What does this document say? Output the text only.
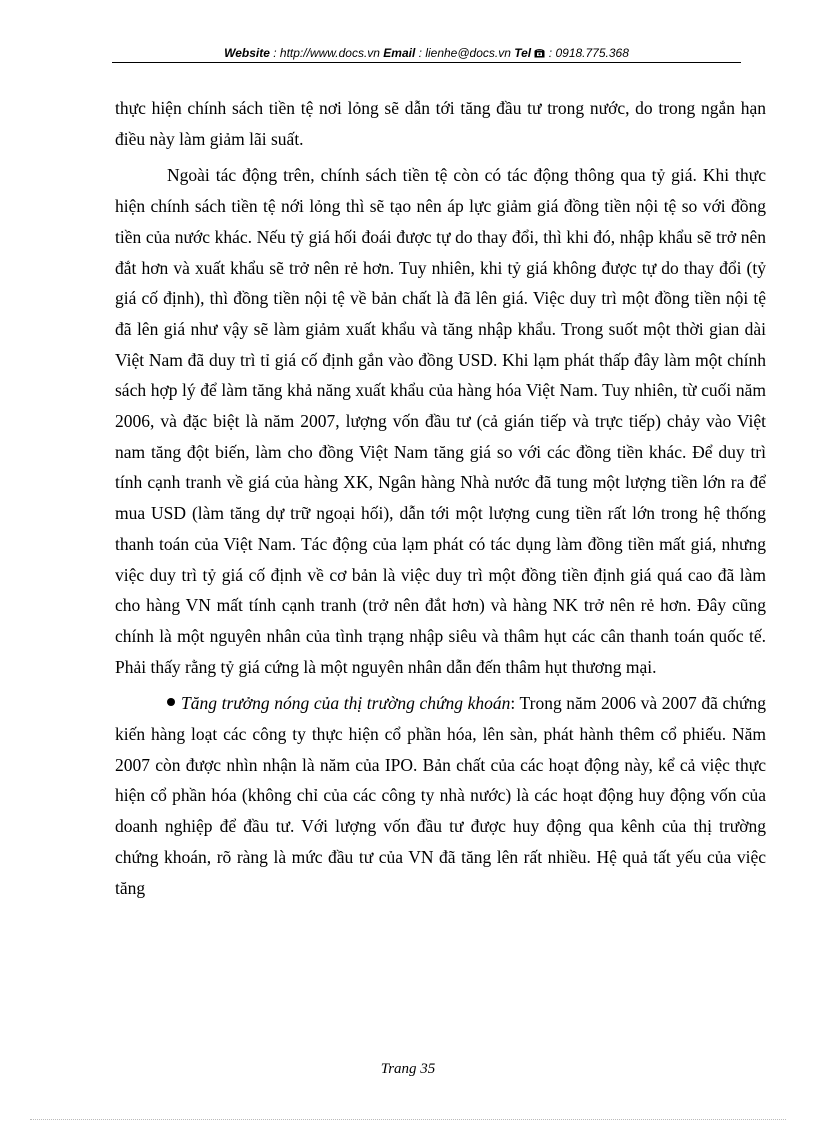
Website : http://www.docs.vn Email : lienhe@docs.vn Tel  : 0918.775.368

thực hiện chính sách tiền tệ nơi lỏng sẽ dẫn tới tăng đầu tư trong nước, do trong ngắn hạn điều này làm giảm lãi suất.

Ngoài tác động trên, chính sách tiền tệ còn có tác động thông qua tỷ giá. Khi thực hiện chính sách tiền tệ nới lỏng thì sẽ tạo nên áp lực giảm giá đồng tiền nội tệ so với đồng tiền của nước khác. Nếu tỷ giá hối đoái được tự do thay đổi, thì khi đó, nhập khẩu sẽ trở nên đắt hơn và xuất khẩu sẽ trở nên rẻ hơn. Tuy nhiên, khi tỷ giá không được tự do thay đổi (tỷ giá cố định), thì đồng tiền nội tệ về bản chất là đã lên giá. Việc duy trì một đồng tiền nội tệ đã lên giá như vậy sẽ làm giảm xuất khẩu và tăng nhập khẩu. Trong suốt một thời gian dài Việt Nam đã duy trì tỉ giá cố định gắn vào đồng USD. Khi lạm phát thấp đây làm một chính sách hợp lý để làm tăng khả năng xuất khẩu của hàng hóa Việt Nam. Tuy nhiên, từ cuối năm 2006, và đặc biệt là năm 2007, lượng vốn đầu tư (cả gián tiếp và trực tiếp) chảy vào Việt nam tăng đột biến, làm cho đồng Việt Nam tăng giá so với các đồng tiền khác. Để duy trì tính cạnh tranh về giá của hàng XK, Ngân hàng Nhà nước đã tung một lượng tiền lớn ra để mua USD (làm tăng dự trữ ngoại hối), dẫn tới một lượng cung tiền rất lớn trong hệ thống thanh toán của Việt Nam. Tác động của lạm phát có tác dụng làm đồng tiền mất giá, nhưng việc duy trì tỷ giá cố định về cơ bản là việc duy trì một đồng tiền định giá quá cao đã làm cho hàng VN mất tính cạnh tranh (trở nên đắt hơn) và hàng NK trở nên rẻ hơn. Đây cũng chính là một nguyên nhân của tình trạng nhập siêu và thâm hụt các cân thanh toán quốc tế. Phải thấy rằng tỷ giá cứng là một nguyên nhân dẫn đến thâm hụt thương mại.

Tăng trưởng nóng của thị trường chứng khoán: Trong năm 2006 và 2007 đã chứng kiến hàng loạt các công ty thực hiện cổ phần hóa, lên sàn, phát hành thêm cổ phiếu. Năm 2007 còn được nhìn nhận là năm của IPO. Bản chất của các hoạt động này, kể cả việc thực hiện cổ phần hóa (không chỉ của các công ty nhà nước) là các hoạt động huy động vốn của doanh nghiệp để đầu tư. Với lượng vốn đầu tư được huy động qua kênh của thị trường chứng khoán, rõ ràng là mức đầu tư của VN đã tăng lên rất nhiều. Hệ quả tất yếu của việc tăng

Trang 35
